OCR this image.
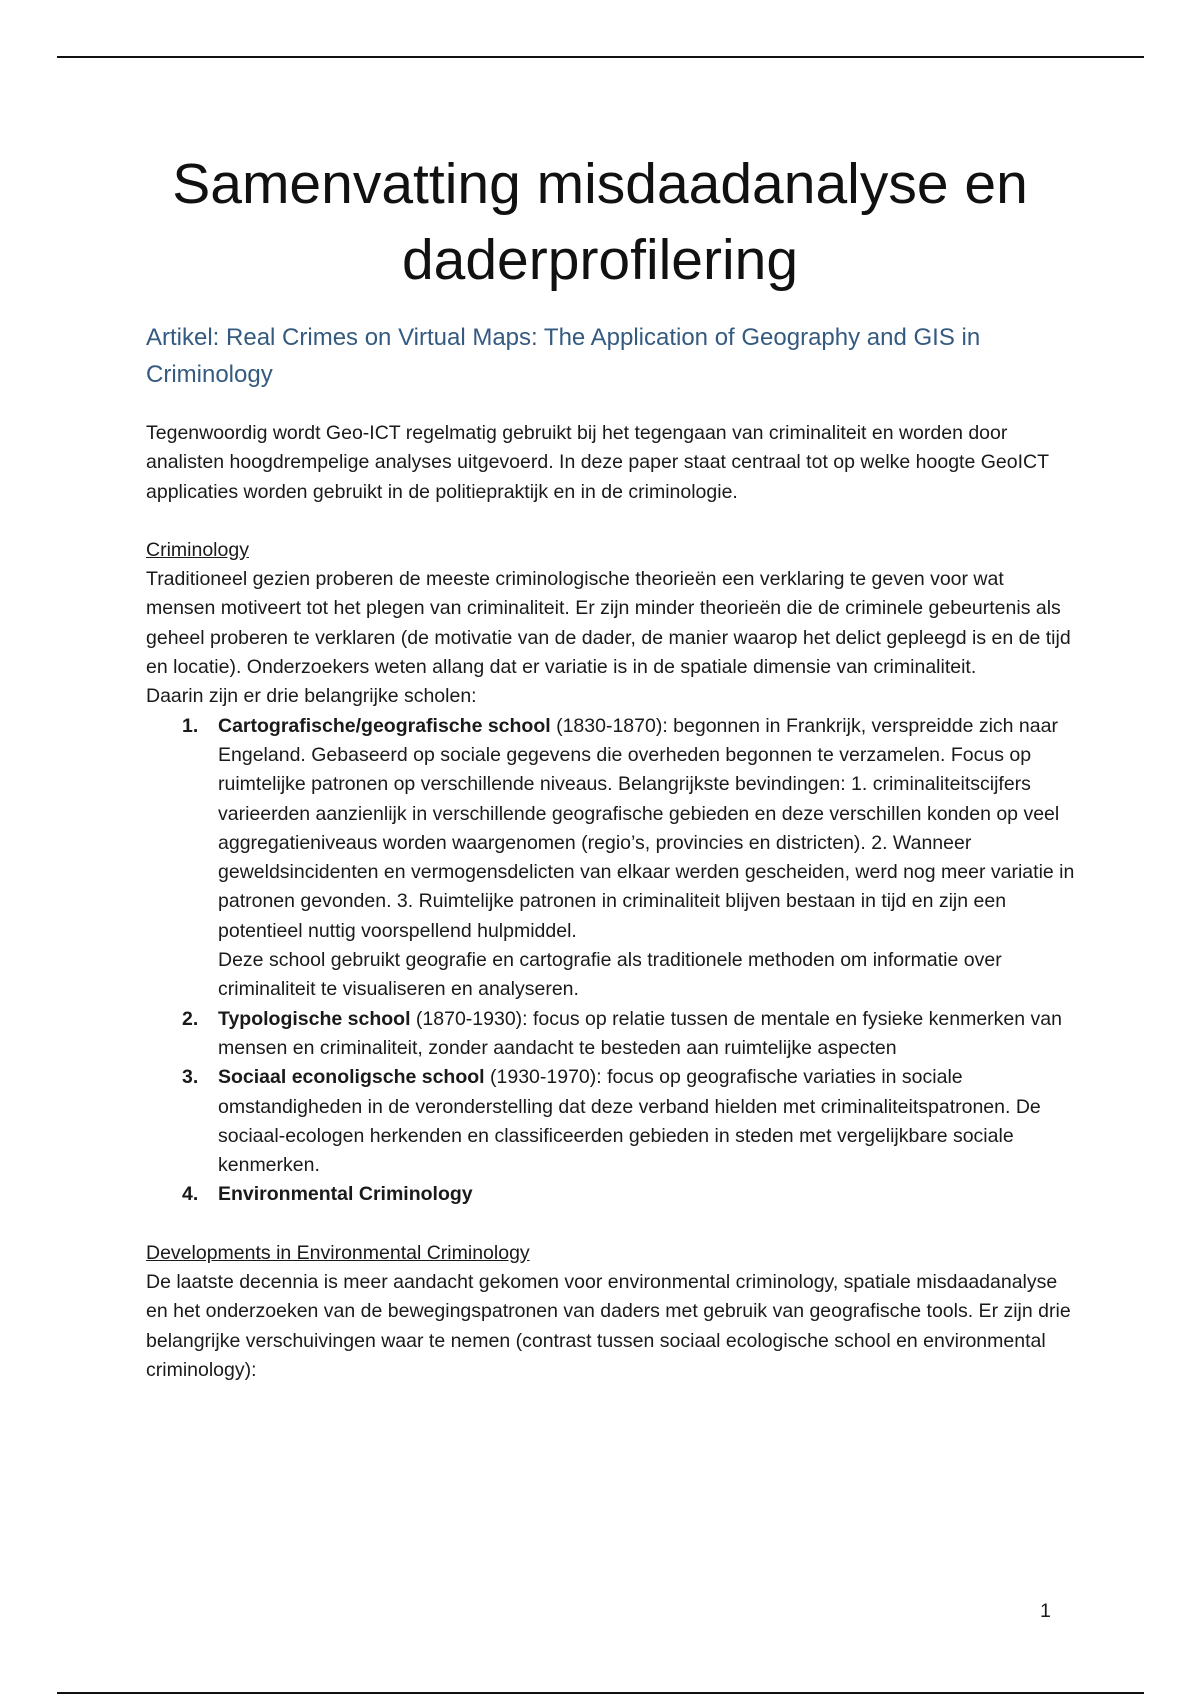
Samenvatting misdaadanalyse en daderprofilering
Artikel: Real Crimes on Virtual Maps: The Application of Geography and GIS in Criminology

Tegenwoordig wordt Geo-ICT regelmatig gebruikt bij het tegengaan van criminaliteit en worden door analisten hoogdrempelige analyses uitgevoerd. In deze paper staat centraal tot op welke hoogte GeoICT applicaties worden gebruikt in de politiepraktijk en in de criminologie.

Criminology

Traditioneel gezien proberen de meeste criminologische theorieën een verklaring te geven voor wat mensen motiveert tot het plegen van criminaliteit. Er zijn minder theorieën die de criminele gebeurtenis als geheel proberen te verklaren (de motivatie van de dader, de manier waarop het delict gepleegd is en de tijd en locatie). Onderzoekers weten allang dat er variatie is in de spatiale dimensie van criminaliteit.

Daarin zijn er drie belangrijke scholen:

1. Cartografische/geografische school (1830-1870): begonnen in Frankrijk, verspreidde zich naar Engeland. Gebaseerd op sociale gegevens die overheden begonnen te verzamelen. Focus op ruimtelijke patronen op verschillende niveaus. Belangrijkste bevindingen: 1. criminaliteitscijfers varieerden aanzienlijk in verschillende geografische gebieden en deze verschillen konden op veel aggregatieniveaus worden waargenomen (regio’s, provincies en districten). 2. Wanneer geweldsincidenten en vermogensdelicten van elkaar werden gescheiden, werd nog meer variatie in patronen gevonden. 3. Ruimtelijke patronen in criminaliteit blijven bestaan in tijd en zijn een potentieel nuttig voorspellend hulpmiddel.
Deze school gebruikt geografie en cartografie als traditionele methoden om informatie over criminaliteit te visualiseren en analyseren.
2. Typologische school (1870-1930): focus op relatie tussen de mentale en fysieke kenmerken van mensen en criminaliteit, zonder aandacht te besteden aan ruimtelijke aspecten
3. Sociaal econoligsche school (1930-1970): focus op geografische variaties in sociale omstandigheden in de veronderstelling dat deze verband hielden met criminaliteitspatronen. De sociaal-ecologen herkenden en classificeerden gebieden in steden met vergelijkbare sociale kenmerken.
4. Environmental Criminology

Developments in Environmental Criminology

De laatste decennia is meer aandacht gekomen voor environmental criminology, spatiale misdaadanalyse en het onderzoeken van de bewegingspatronen van daders met gebruik van geografische tools. Er zijn drie belangrijke verschuivingen waar te nemen (contrast tussen sociaal ecologische school en environmental criminology):

1
